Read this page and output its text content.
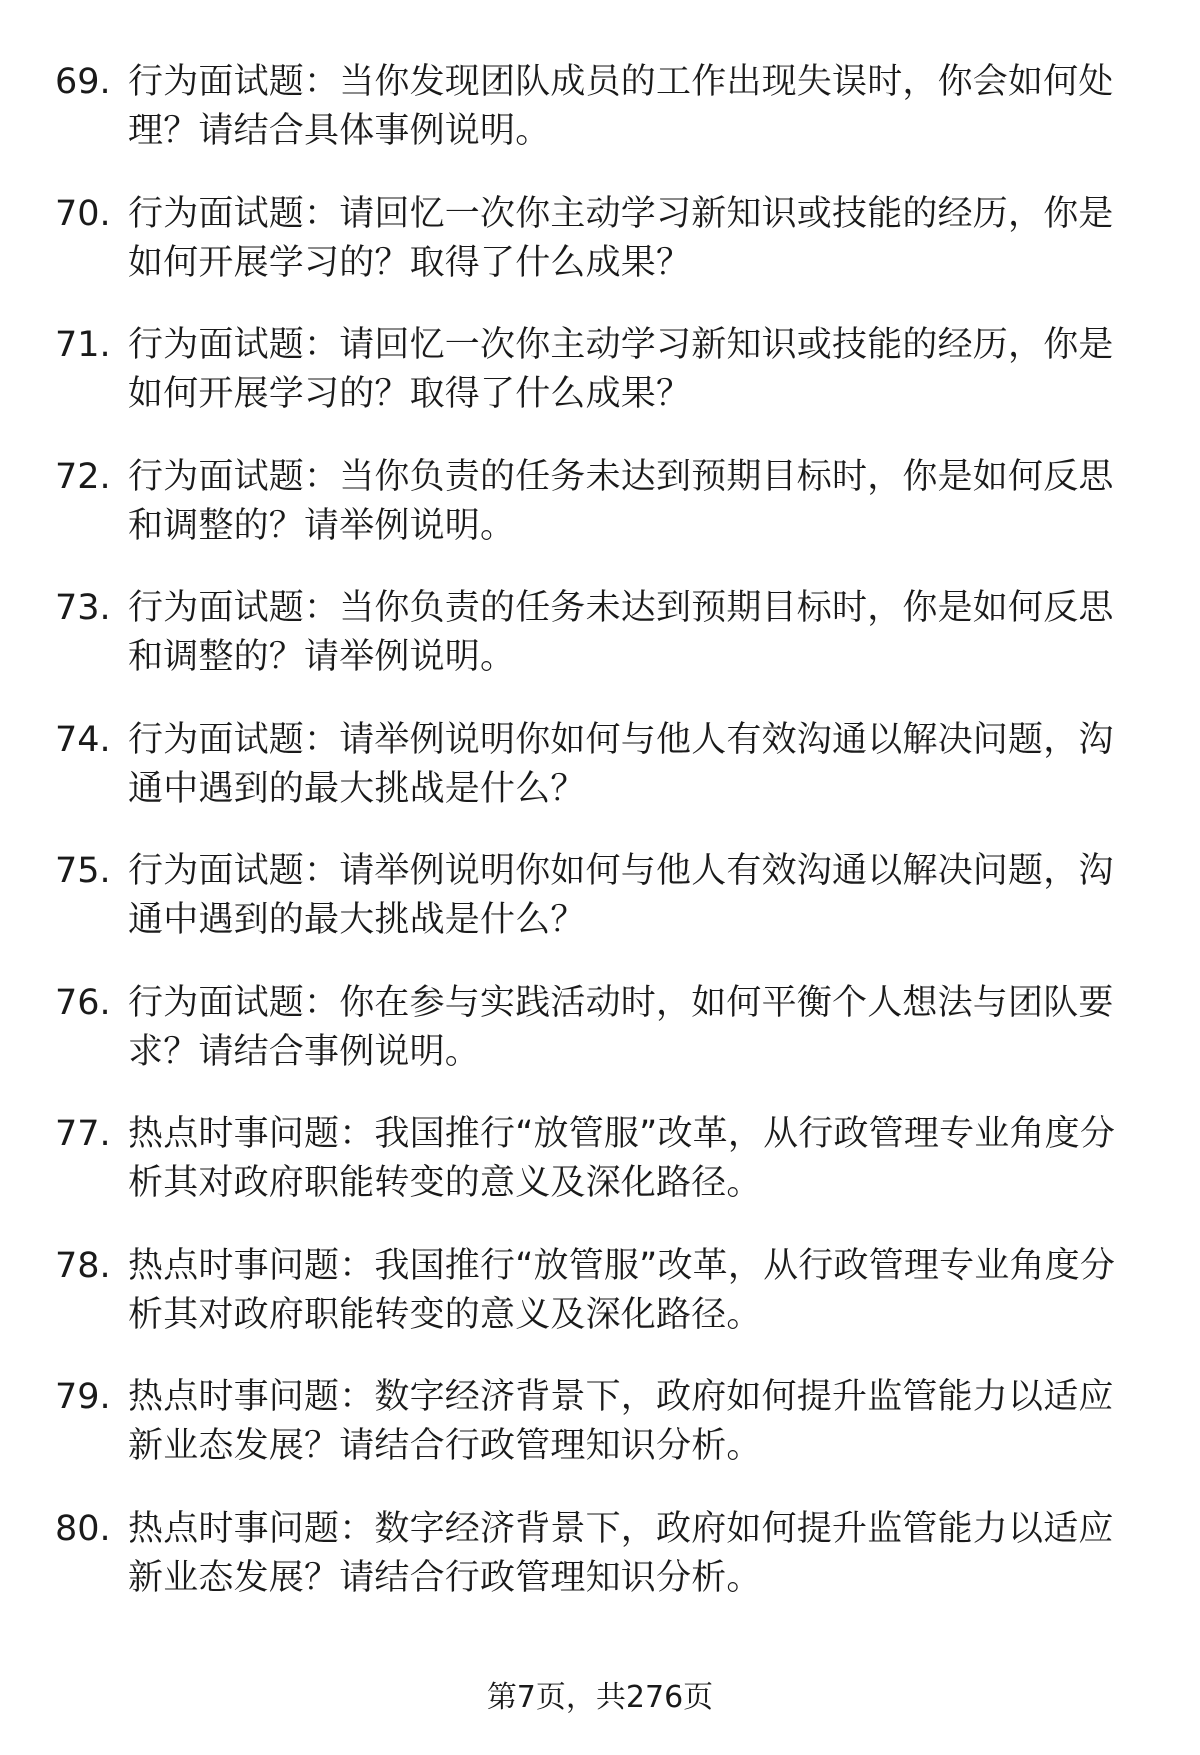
69. 行为面试题：当你发现团队成员的工作出现失误时，你会如何处理？请结合具体事例说明。
70. 行为面试题：请回忆一次你主动学习新知识或技能的经历，你是如何开展学习的？取得了什么成果？
71. 行为面试题：请回忆一次你主动学习新知识或技能的经历，你是如何开展学习的？取得了什么成果？
72. 行为面试题：当你负责的任务未达到预期目标时，你是如何反思和调整的？请举例说明。
73. 行为面试题：当你负责的任务未达到预期目标时，你是如何反思和调整的？请举例说明。
74. 行为面试题：请举例说明你如何与他人有效沟通以解决问题，沟通中遇到的最大挑战是什么？
75. 行为面试题：请举例说明你如何与他人有效沟通以解决问题，沟通中遇到的最大挑战是什么？
76. 行为面试题：你在参与实践活动时，如何平衡个人想法与团队要求？请结合事例说明。
77. 热点时事问题：我国推行“放管服”改革，从行政管理专业角度分析其对政府职能转变的意义及深化路径。
78. 热点时事问题：我国推行“放管服”改革，从行政管理专业角度分析其对政府职能转变的意义及深化路径。
79. 热点时事问题：数字经济背景下，政府如何提升监管能力以适应新业态发展？请结合行政管理知识分析。
80. 热点时事问题：数字经济背景下，政府如何提升监管能力以适应新业态发展？请结合行政管理知识分析。
第7页，共276页
